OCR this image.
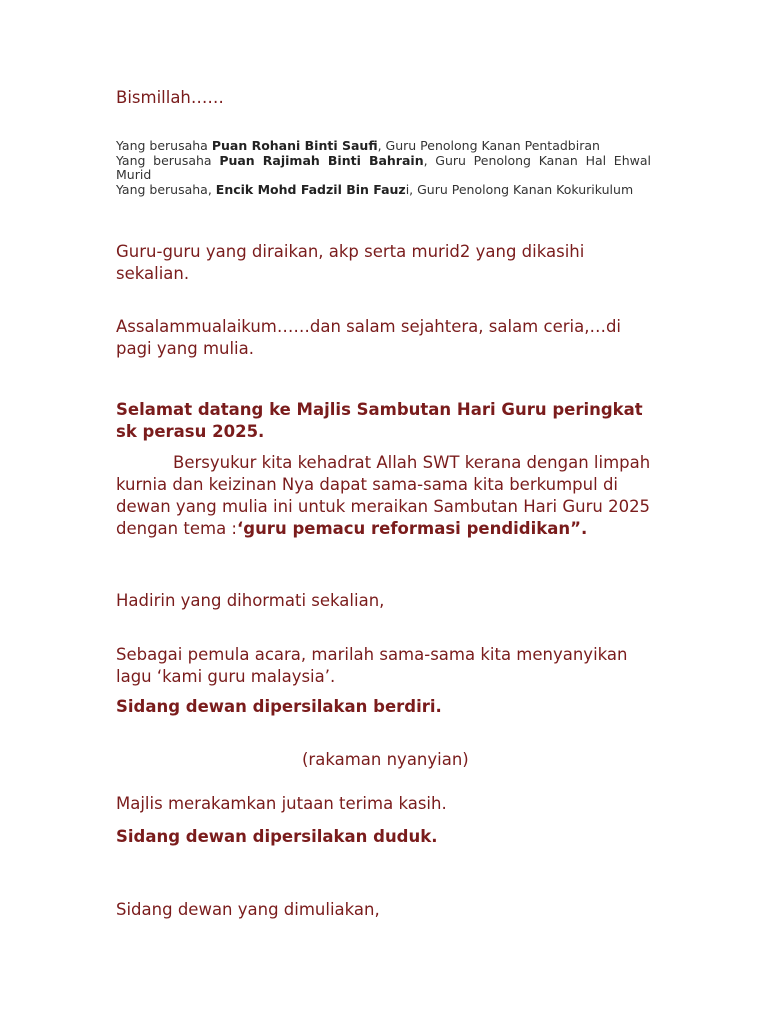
Bismillah……

Yang berusaha Puan Rohani Binti Saufi, Guru Penolong Kanan Pentadbiran

Yang berusaha Puan Rajimah Binti Bahrain, Guru Penolong Kanan Hal Ehwal Murid

Yang berusaha, Encik Mohd Fadzil Bin Fauzi, Guru Penolong Kanan Kokurikulum

Guru-guru yang diraikan, akp serta murid2 yang dikasihi sekalian.

Assalammualaikum……dan salam sejahtera, salam ceria,…di pagi yang mulia.

Selamat datang ke Majlis Sambutan Hari Guru peringkat sk perasu 2025.

Bersyukur kita kehadrat Allah SWT kerana dengan limpah kurnia dan keizinan Nya dapat sama-sama kita berkumpul di dewan yang mulia ini untuk meraikan Sambutan Hari Guru 2025 dengan tema :‘guru pemacu reformasi pendidikan”.

Hadirin yang dihormati sekalian,

Sebagai pemula acara, marilah sama-sama kita menyanyikan lagu ‘kami guru malaysia’.

Sidang dewan dipersilakan berdiri.

(rakaman nyanyian)

Majlis merakamkan jutaan terima kasih.

Sidang dewan dipersilakan duduk.

Sidang dewan yang dimuliakan,
